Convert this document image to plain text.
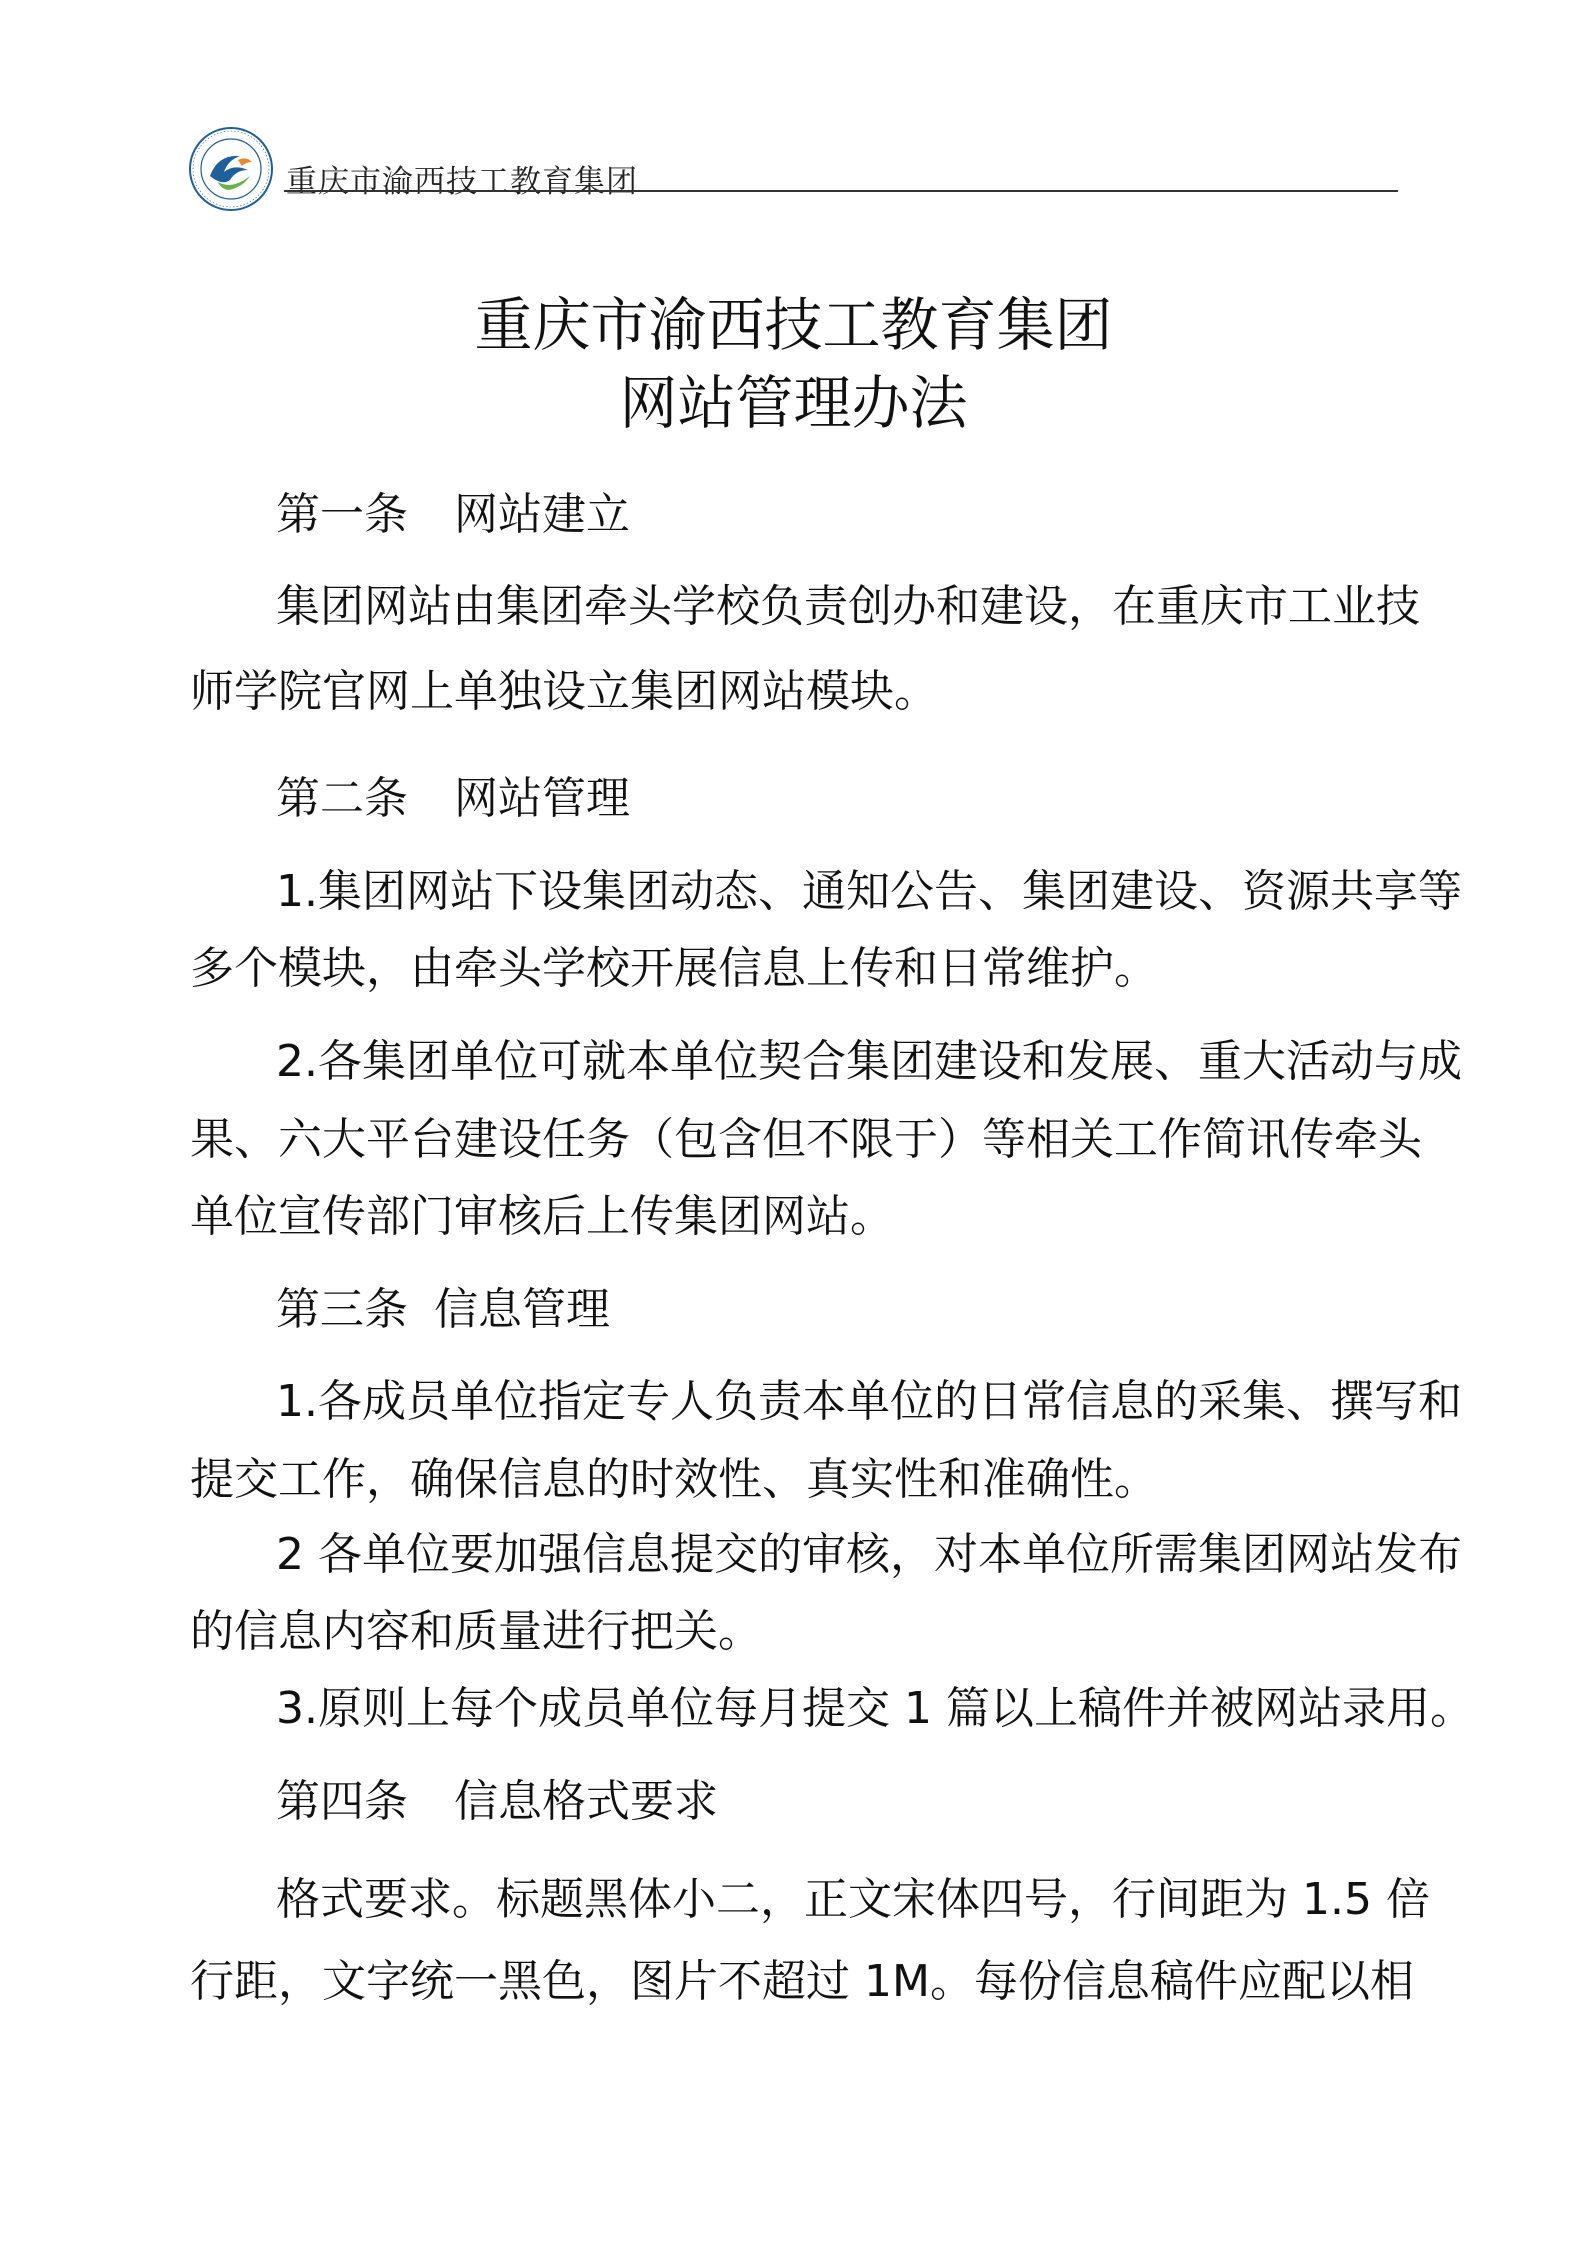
重庆市渝西技工教育集团
重庆市渝西技工教育集团
网站管理办法
第一条 网站建立
集团网站由集团牵头学校负责创办和建设，在重庆市工业技
师学院官网上单独设立集团网站模块。
第二条 网站管理
1.集团网站下设集团动态、通知公告、集团建设、资源共享等
多个模块，由牵头学校开展信息上传和日常维护。
2.各集团单位可就本单位契合集团建设和发展、重大活动与成
果、六大平台建设任务（包含但不限于）等相关工作简讯传牵头
单位宣传部门审核后上传集团网站。
第三条 信息管理
1.各成员单位指定专人负责本单位的日常信息的采集、撰写和
提交工作，确保信息的时效性、真实性和准确性。
2 各单位要加强信息提交的审核，对本单位所需集团网站发布
的信息内容和质量进行把关。
3.原则上每个成员单位每月提交 1 篇以上稿件并被网站录用。
第四条 信息格式要求
格式要求。标题黑体小二，正文宋体四号，行间距为 1.5 倍
行距，文字统一黑色，图片不超过 1M。每份信息稿件应配以相
